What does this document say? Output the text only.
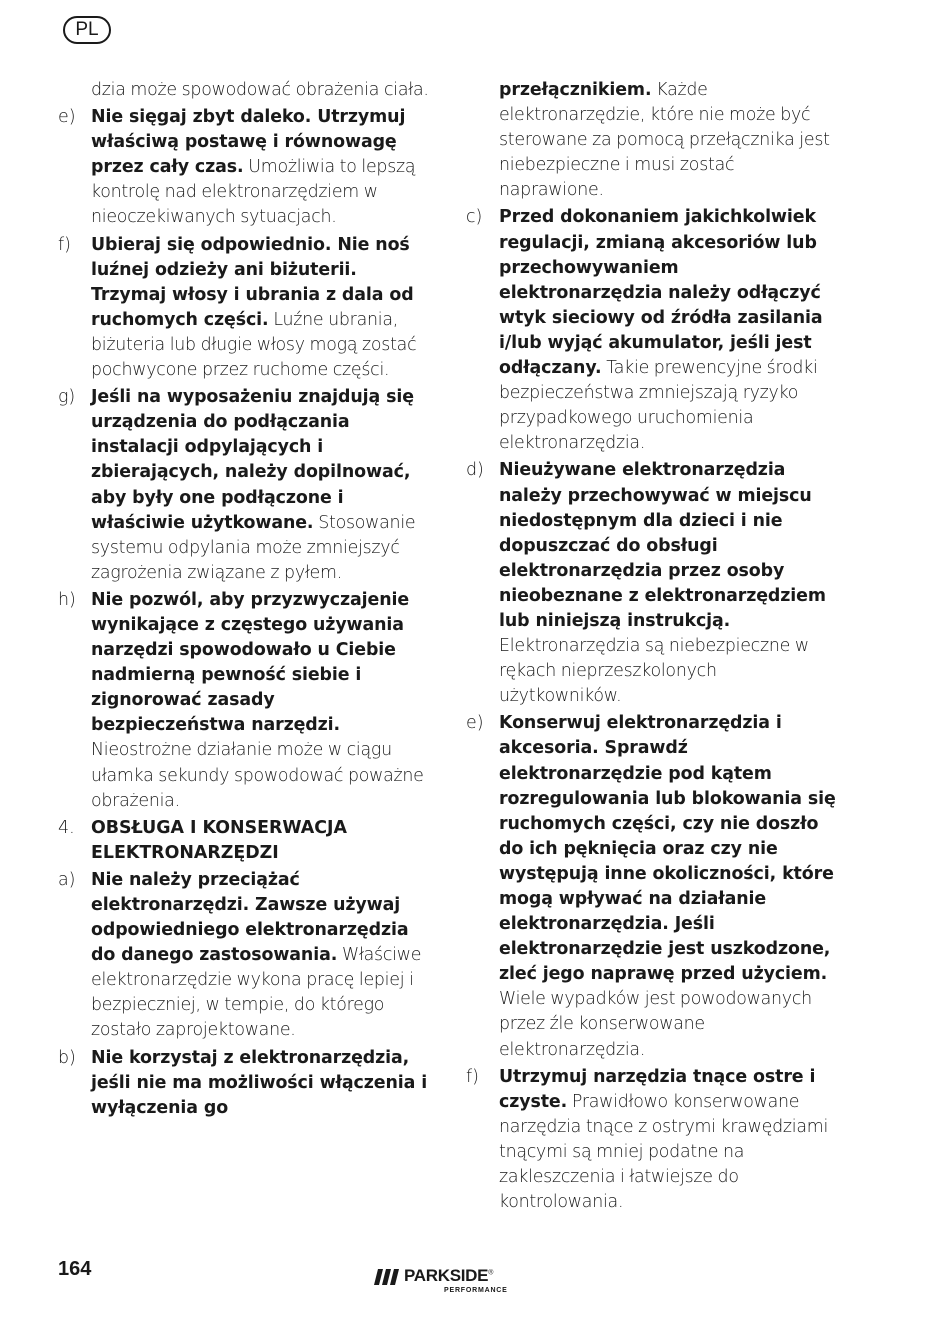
PL

dzia może spowodować obrażenia ciała.

e) Nie sięgaj zbyt daleko. Utrzymuj właściwą postawę i równowagę przez cały czas. Umożliwia to lepszą kontrolę nad elektronarzędziem w nieoczekiwanych sytuacjach.

f)	Ubieraj się odpowiednio. Nie noś luźnej odzieży ani biżuterii. Trzymaj włosy i ubrania z dala od ruchomych części. Luźne ubrania, biżuteria lub długie włosy mogą zostać pochwycone przez ruchome części.

g) Jeśli na wyposażeniu znajdują się urządzenia do podłączania instalacji odpylających i zbierających, należy dopilnować, aby były one podłączone i właściwie użytkowane. Stosowanie systemu odpylania może zmniejszyć zagrożenia związane z pyłem.

h) Nie pozwól, aby przyzwyczajenie wynikające z częstego używania narzędzi spowodowało u Ciebie nadmierną pewność siebie i zignorować zasady bezpieczeństwa narzędzi. Nieostrożne działanie może w ciągu ułamka sekundy spowodować poważne obrażenia.

4. OBSŁUGA I KONSERWACJA ELEKTRONARZĘDZI

a) Nie należy przeciążać elektronarzędzi. Zawsze używaj odpowiedniego elektronarzędzia do danego zastosowania. Właściwe elektronarzędzie wykona pracę lepiej i bezpieczniej, w tempie, do którego zostało zaprojektowane.

b) Nie korzystaj z elektronarzędzia, jeśli nie ma możliwości włączenia i wyłączenia go

przełącznikiem. Każde elektronarzędzie, które nie może być sterowane za pomocą przełącznika jest niebezpieczne i musi zostać naprawione.

c) Przed dokonaniem jakichkolwiek regulacji, zmianą akcesoriów lub przechowywaniem elektronarzędzia należy odłączyć wtyk sieciowy od źródła zasilania i/lub wyjąć akumulator, jeśli jest odłączany. Takie prewencyjne środki bezpieczeństwa zmniejszają ryzyko przypadkowego uruchomienia elektronarzędzia.

d) Nieużywane elektronarzędzia należy przechowywać w miejscu niedostępnym dla dzieci i nie dopuszczać do obsługi elektronarzędzia przez osoby nieobeznane z elektronarzędziem lub niniejszą instrukcją. Elektronarzędzia są niebezpieczne w rękach nieprzeszkolonych użytkowników.

e) Konserwuj elektronarzędzia i akcesoria. Sprawdź elektronarzędzie pod kątem rozregulowania lub blokowania się ruchomych części, czy nie doszło do ich pęknięcia oraz czy nie występują inne okoliczności, które mogą wpływać na działanie elektronarzędzia. Jeśli elektronarzędzie jest uszkodzone, zleć jego naprawę przed użyciem. Wiele wypadków jest powodowanych przez źle konserwowane elektronarzędzia.

f)	Utrzymuj narzędzia tnące ostre i czyste. Prawidłowo konserwowane narzędzia tnące z ostrymi krawędziami tnącymi są mniej podatne na zakleszczenia i łatwiejsze do kontrolowania.

164	PARKSIDE®
PERFORMANCE
